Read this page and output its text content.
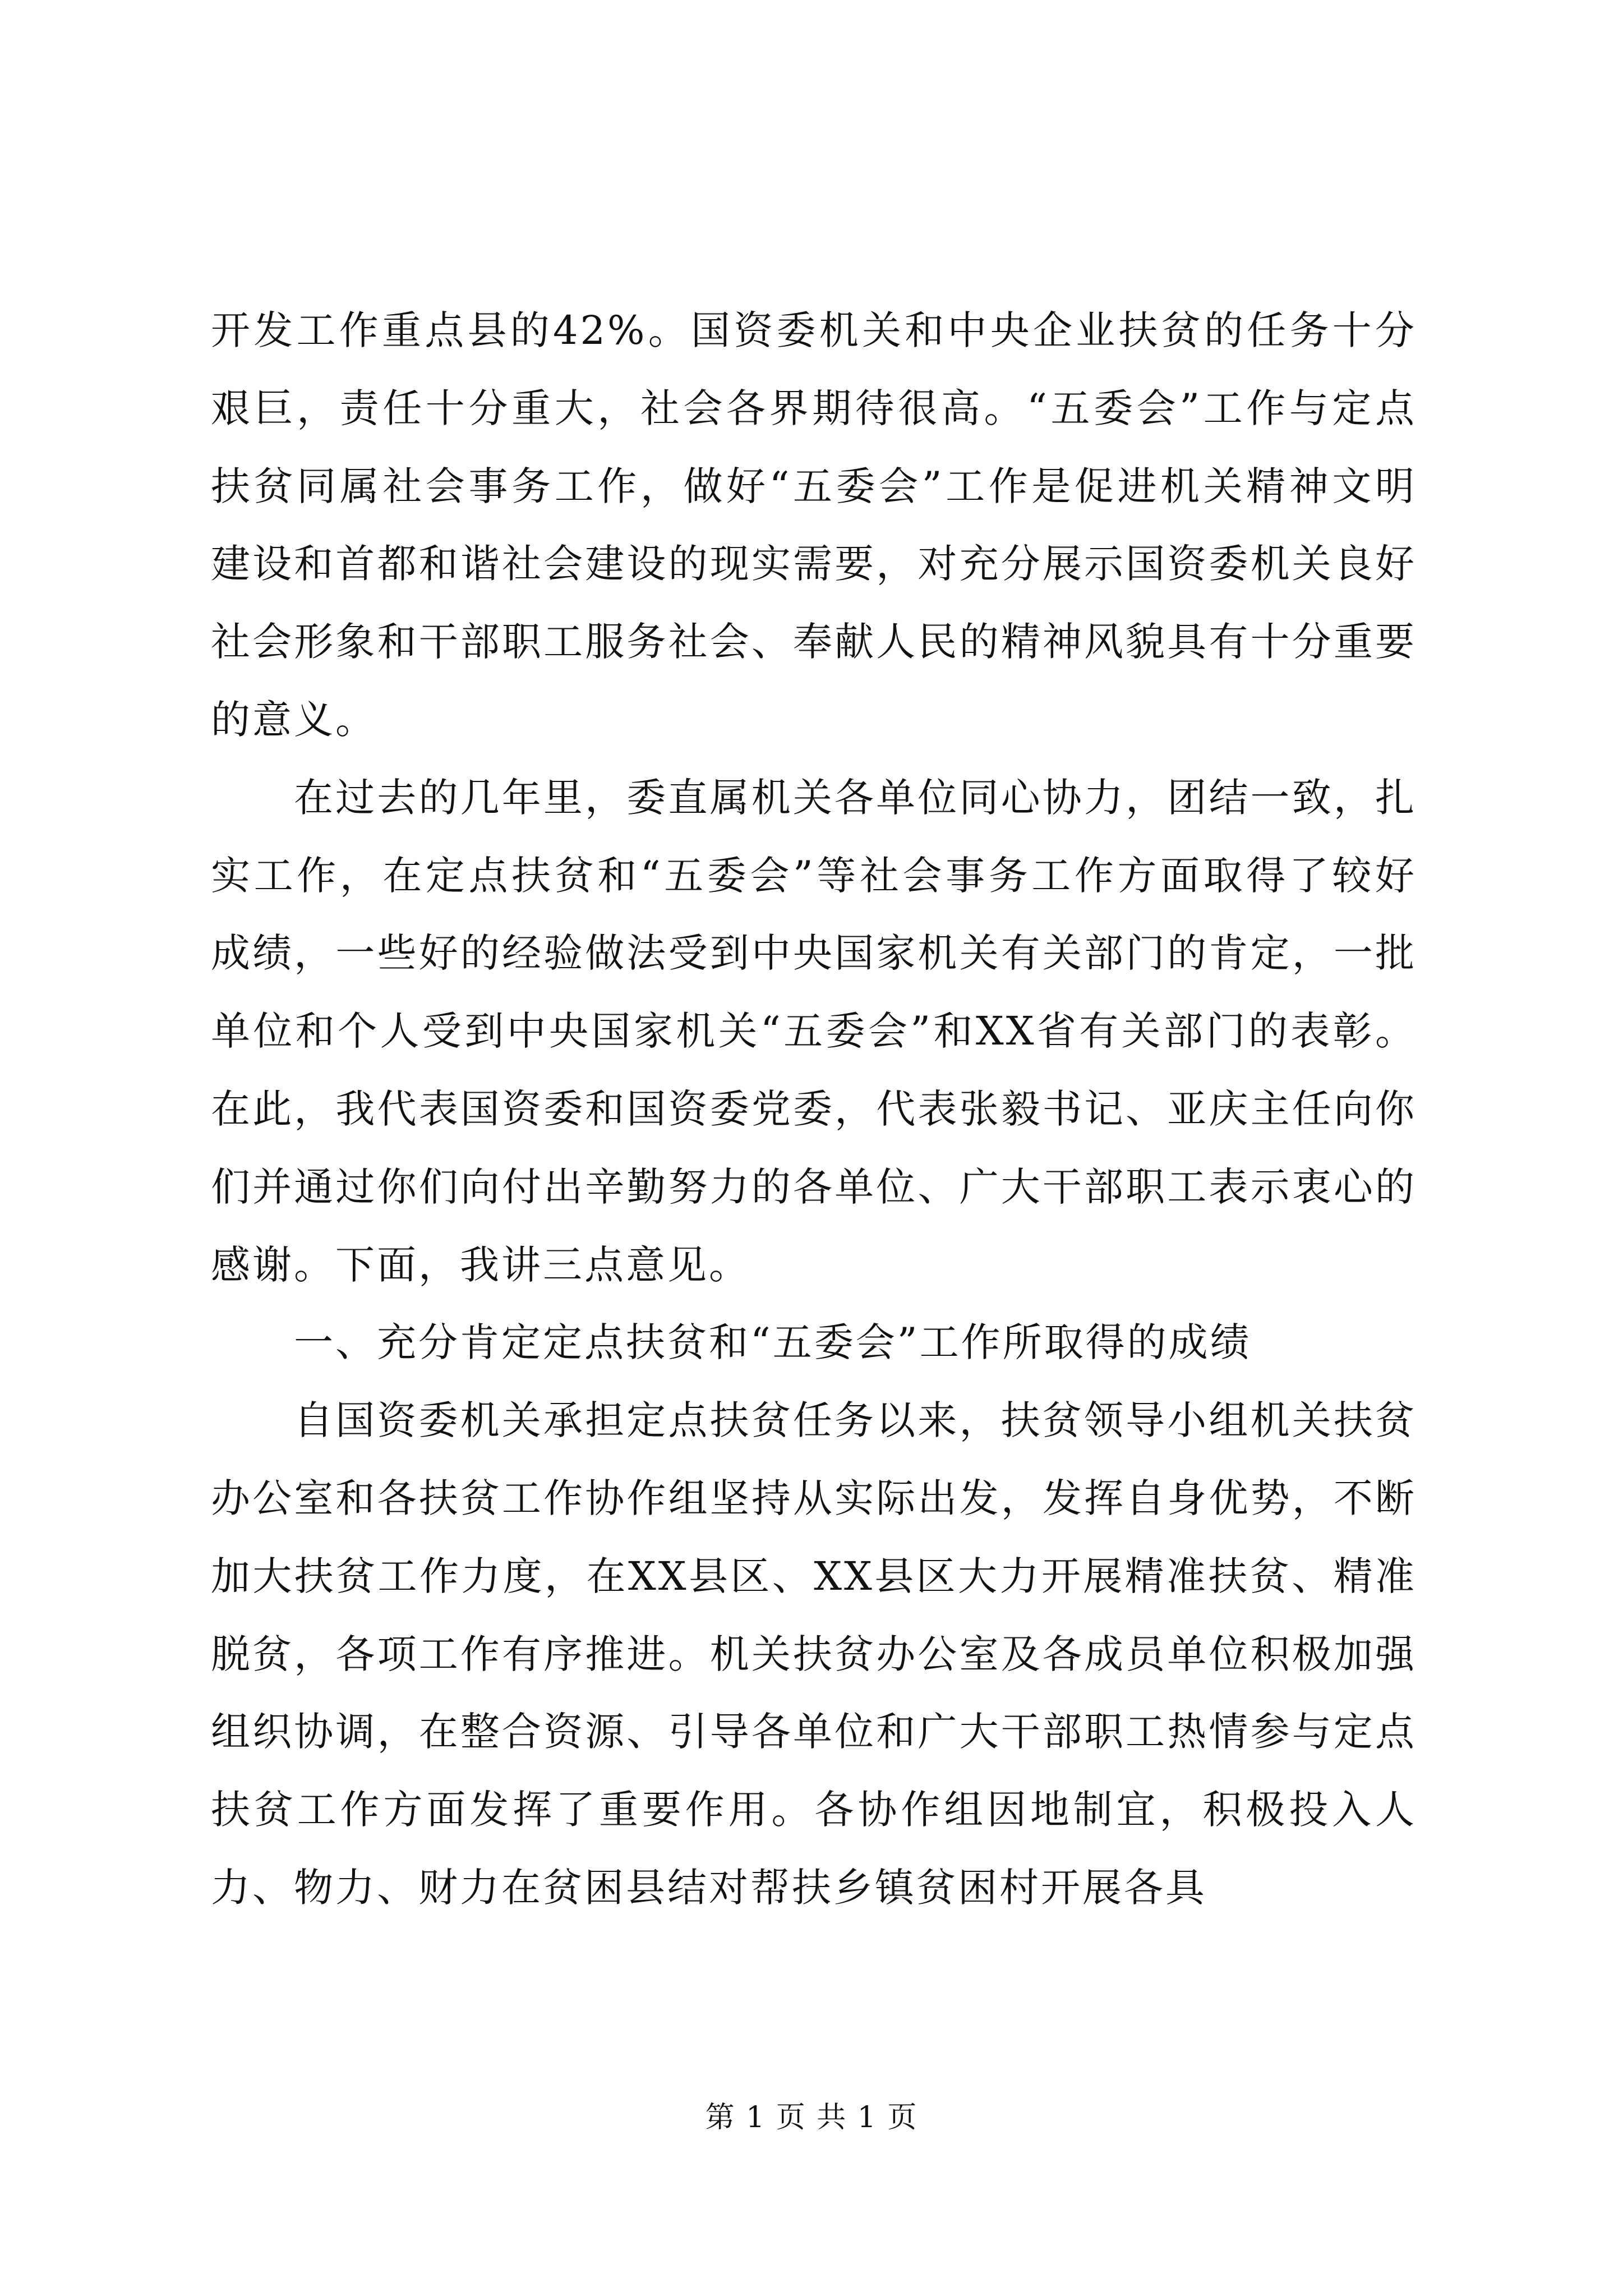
开发工作重点县的42%。国资委机关和中央企业扶贫的任务十分艰巨，责任十分重大，社会各界期待很高。“五委会”工作与定点扶贫同属社会事务工作，做好“五委会”工作是促进机关精神文明建设和首都和谐社会建设的现实需要，对充分展示国资委机关良好社会形象和干部职工服务社会、奉献人民的精神风貌具有十分重要的意义。

在过去的几年里，委直属机关各单位同心协力，团结一致，扎实工作，在定点扶贫和“五委会”等社会事务工作方面取得了较好成绩，一些好的经验做法受到中央国家机关有关部门的肯定，一批单位和个人受到中央国家机关“五委会”和XX省有关部门的表彰。在此，我代表国资委和国资委党委，代表张毅书记、亚庆主任向你们并通过你们向付出辛勤努力的各单位、广大干部职工表示衷心的感谢。下面，我讲三点意见。

一、充分肯定定点扶贫和“五委会”工作所取得的成绩

自国资委机关承担定点扶贫任务以来，扶贫领导小组机关扶贫办公室和各扶贫工作协作组坚持从实际出发，发挥自身优势，不断加大扶贫工作力度，在XX县区、XX县区大力开展精准扶贫、精准脱贫，各项工作有序推进。机关扶贫办公室及各成员单位积极加强组织协调，在整合资源、引导各单位和广大干部职工热情参与定点扶贫工作方面发挥了重要作用。各协作组因地制宜，积极投入人力、物力、财力在贫困县结对帮扶乡镇贫困村开展各具

第 1 页 共 1 页
